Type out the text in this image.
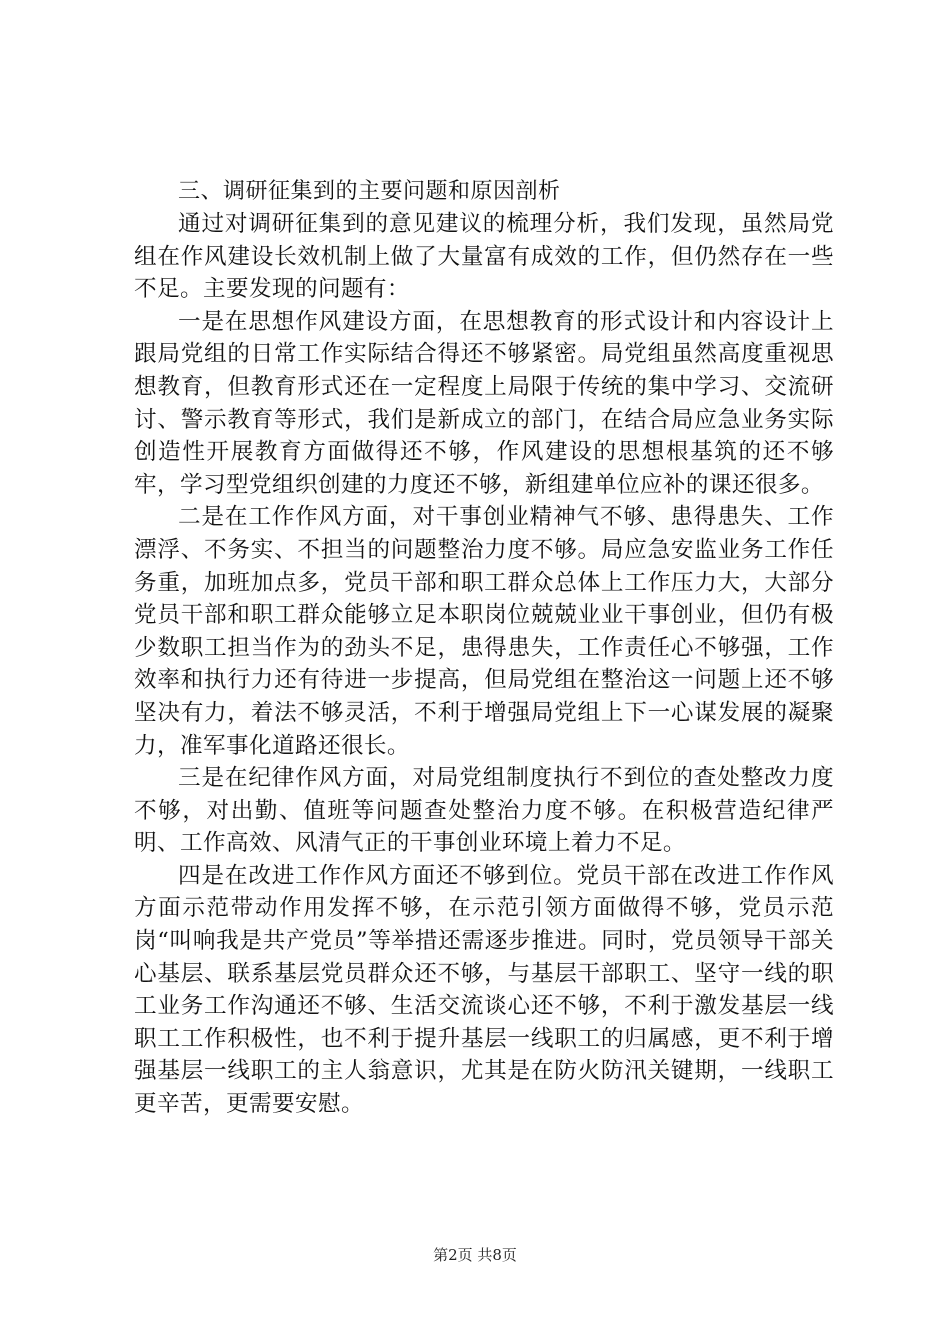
三、调研征集到的主要问题和原因剖析

通过对调研征集到的意见建议的梳理分析，我们发现，虽然局党组在作风建设长效机制上做了大量富有成效的工作，但仍然存在一些不足。主要发现的问题有：

一是在思想作风建设方面，在思想教育的形式设计和内容设计上跟局党组的日常工作实际结合得还不够紧密。局党组虽然高度重视思想教育，但教育形式还在一定程度上局限于传统的集中学习、交流研讨、警示教育等形式，我们是新成立的部门，在结合局应急业务实际创造性开展教育方面做得还不够，作风建设的思想根基筑的还不够牢，学习型党组织创建的力度还不够，新组建单位应补的课还很多。

二是在工作作风方面，对干事创业精神气不够、患得患失、工作漂浮、不务实、不担当的问题整治力度不够。局应急安监业务工作任务重，加班加点多，党员干部和职工群众总体上工作压力大，大部分党员干部和职工群众能够立足本职岗位兢兢业业干事创业，但仍有极少数职工担当作为的劲头不足，患得患失，工作责任心不够强，工作效率和执行力还有待进一步提高，但局党组在整治这一问题上还不够坚决有力，着法不够灵活，不利于增强局党组上下一心谋发展的凝聚力，准军事化道路还很长。

三是在纪律作风方面，对局党组制度执行不到位的查处整改力度不够，对出勤、值班等问题查处整治力度不够。在积极营造纪律严明、工作高效、风清气正的干事创业环境上着力不足。

四是在改进工作作风方面还不够到位。党员干部在改进工作作风方面示范带动作用发挥不够，在示范引领方面做得不够，党员示范岗“叫响我是共产党员”等举措还需逐步推进。同时，党员领导干部关心基层、联系基层党员群众还不够，与基层干部职工、坚守一线的职工业务工作沟通还不够、生活交流谈心还不够，不利于激发基层一线职工工作积极性，也不利于提升基层一线职工的归属感，更不利于增强基层一线职工的主人翁意识，尤其是在防火防汛关键期，一线职工更辛苦，更需要安慰。

第2页 共8页
